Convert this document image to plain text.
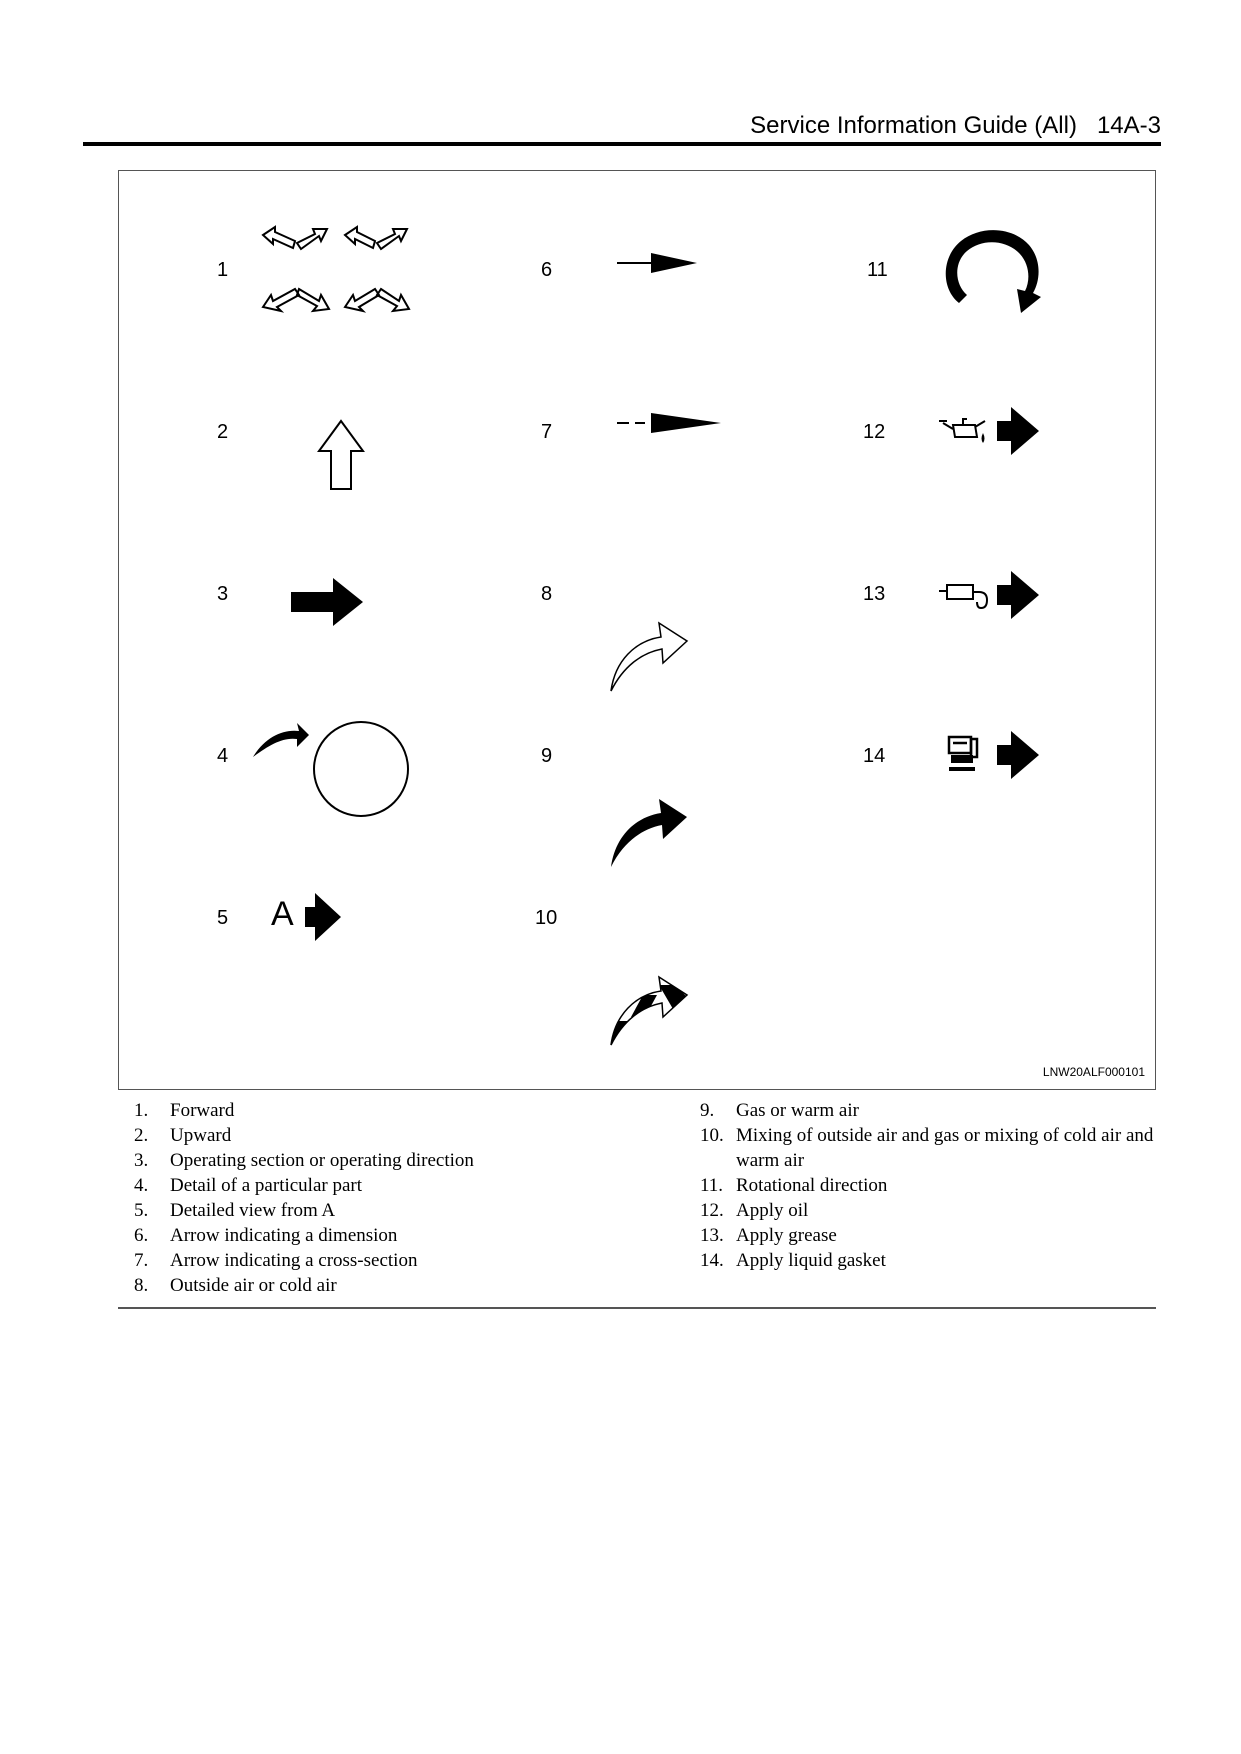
Service Information Guide (All) 14A-3
1
2
3
4
5 A
6
7
8
9
10
11
12
13
14
LNW20ALF000101
1. Forward
2. Upward
3. Operating section or operating direction
4. Detail of a particular part
5. Detailed view from A
6. Arrow indicating a dimension
7. Arrow indicating a cross-section
8. Outside air or cold air
9. Gas or warm air
10. Mixing of outside air and gas or mixing of cold air and warm air
11. Rotational direction
12. Apply oil
13. Apply grease
14. Apply liquid gasket
